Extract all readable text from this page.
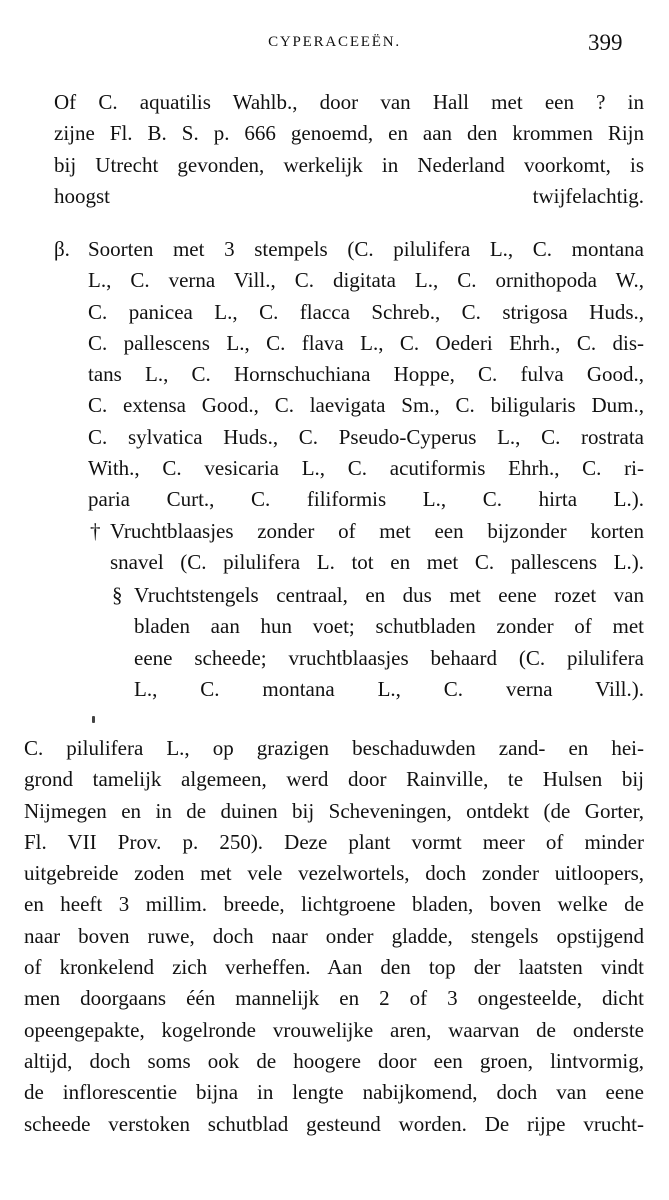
CYPERACEEËN.	399
Of C. aquatilis Wahlb., door van Hall met een ? in
zijne Fl. B. S. p. 666 genoemd, en aan den krommen Rijn
bij Utrecht gevonden, werkelijk in Nederland voorkomt, is
hoogst twijfelachtig.
β. Soorten met 3 stempels (C. pilulifera L., C. montana
L., C. verna Vill., C. digitata L., C. ornithopoda W.,
C. panicea L., C. flacca Schreb., C. strigosa Huds.,
C. pallescens L., C. flava L., C. Oederi Ehrh., C. dis-
tans L., C. Hornschuchiana Hoppe, C. fulva Good.,
C. extensa Good., C. laevigata Sm., C. biligularis Dum.,
C. sylvatica Huds., C. Pseudo-Cyperus L., C. rostrata
With., C. vesicaria L., C. acutiformis Ehrh., C. ri-
paria Curt., C. filiformis L., C. hirta L.).
† Vruchtblaasjes zonder of met een bijzonder korten
snavel (C. pilulifera L. tot en met C. pallescens L.).
§ Vruchtstengels centraal, en dus met eene rozet van
bladen aan hun voet; schutbladen zonder of met
eene scheede; vruchtblaasjes behaard (C. pilulifera
L., C. montana L., C. verna Vill.).
C. pilulifera L., op grazigen beschaduwden zand- en hei-
grond tamelijk algemeen, werd door Rainville, te Hulsen bij
Nijmegen en in de duinen bij Scheveningen, ontdekt (de Gorter,
Fl. VII Prov. p. 250). Deze plant vormt meer of minder
uitgebreide zoden met vele vezelwortels, doch zonder uitloopers,
en heeft 3 millim. breede, lichtgroene bladen, boven welke de
naar boven ruwe, doch naar onder gladde, stengels opstijgend
of kronkelend zich verheffen. Aan den top der laatsten vindt
men doorgaans één mannelijk en 2 of 3 ongesteelde, dicht
opeengepakte, kogelronde vrouwelijke aren, waarvan de onderste
altijd, doch soms ook de hoogere door een groen, lintvormig,
de inflorescentie bijna in lengte nabijkomend, doch van eene
scheede verstoken schutblad gesteund worden. De rijpe vrucht-
